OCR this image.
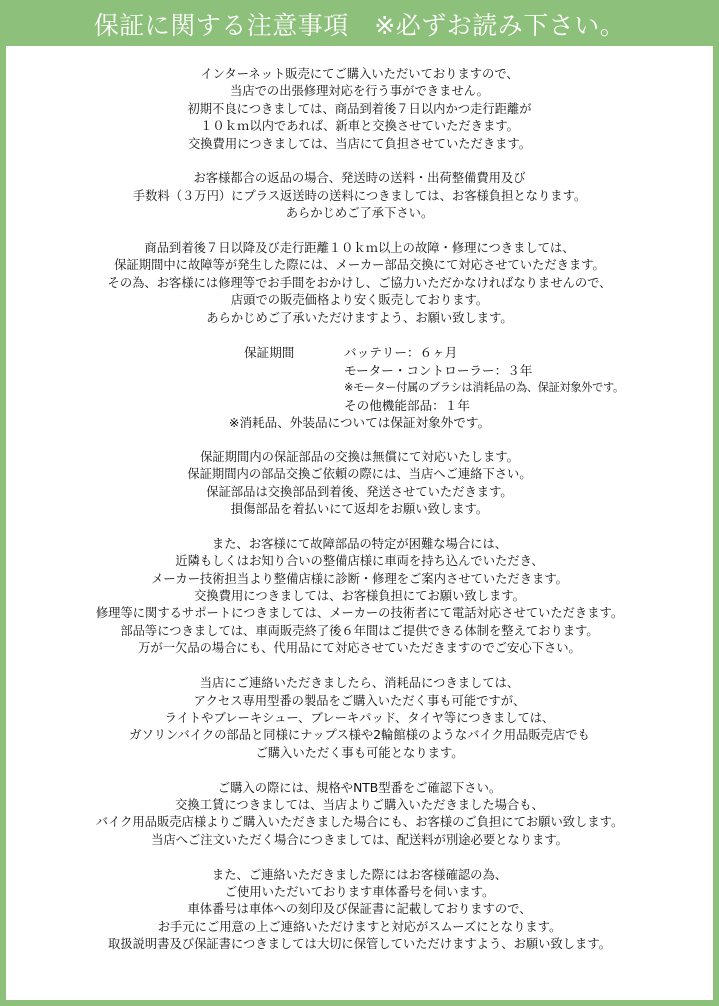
保証に関する注意事項　※必ずお読み下さい。
インターネット販売にてご購入いただいておりますので、
当店での出張修理対応を行う事ができません。
初期不良につきましては、商品到着後７日以内かつ走行距離が
１０ｋｍ以内であれば、新車と交換させていただきます。
交換費用につきましては、当店にて負担させていただきます。
お客様都合の返品の場合、発送時の送料・出荷整備費用及び
手数料（３万円）にプラス返送時の送料につきましては、お客様負担となります。
あらかじめご了承下さい。
商品到着後７日以降及び走行距離１０ｋｍ以上の故障・修理につきましては、
保証期間中に故障等が発生した際には、メーカー部品交換にて対応させていただきます。
その為、お客様には修理等でお手間をおかけし、ご協力いただかなければなりませんので、
店頭での販売価格より安く販売しております。
あらかじめご了承いただけますよう、お願い致します。
保証期間	バッテリー：６ヶ月
モーター・コントローラー：３年
※モーター付属のブラシは消耗品の為、保証対象外です。
その他機能部品：１年
※消耗品、外装品については保証対象外です。
保証期間内の保証部品の交換は無償にて対応いたします。
保証期間内の部品交換ご依頼の際には、当店へご連絡下さい。
保証部品は交換部品到着後、発送させていただきます。
損傷部品を着払いにて返却をお願い致します。
また、お客様にて故障部品の特定が困難な場合には、
近隣もしくはお知り合いの整備店様に車両を持ち込んでいただき、
メーカー技術担当より整備店様に診断・修理をご案内させていただきます。
交換費用につきましては、お客様負担にてお願い致します。
修理等に関するサポートにつきましては、メーカーの技術者にて電話対応させていただきます。
部品等につきましては、車両販売終了後６年間はご提供できる体制を整えております。
万が一欠品の場合にも、代用品にて対応させていただきますのでご安心下さい。
当店にご連絡いただきましたら、消耗品につきましては、
アクセス専用型番の製品をご購入いただく事も可能ですが、
ライトやブレーキシュー、ブレーキパッド、タイヤ等につきましては、
ガソリンバイクの部品と同様にナップス様や2輪館様のようなバイク用品販売店でも
ご購入いただく事も可能となります。
ご購入の際には、規格やNTB型番をご確認下さい。
交換工賃につきましては、当店よりご購入いただきました場合も、
バイク用品販売店様よりご購入いただきました場合にも、お客様のご負担にてお願い致します。
当店へご注文いただく場合につきましては、配送料が別途必要となります。
また、ご連絡いただきました際にはお客様確認の為、
ご使用いただいております車体番号を伺います。
車体番号は車体への刻印及び保証書に記載しておりますので、
お手元にご用意の上ご連絡いただけますと対応がスムーズにとなります。
取扱説明書及び保証書につきましては大切に保管していただけますよう、お願い致します。
